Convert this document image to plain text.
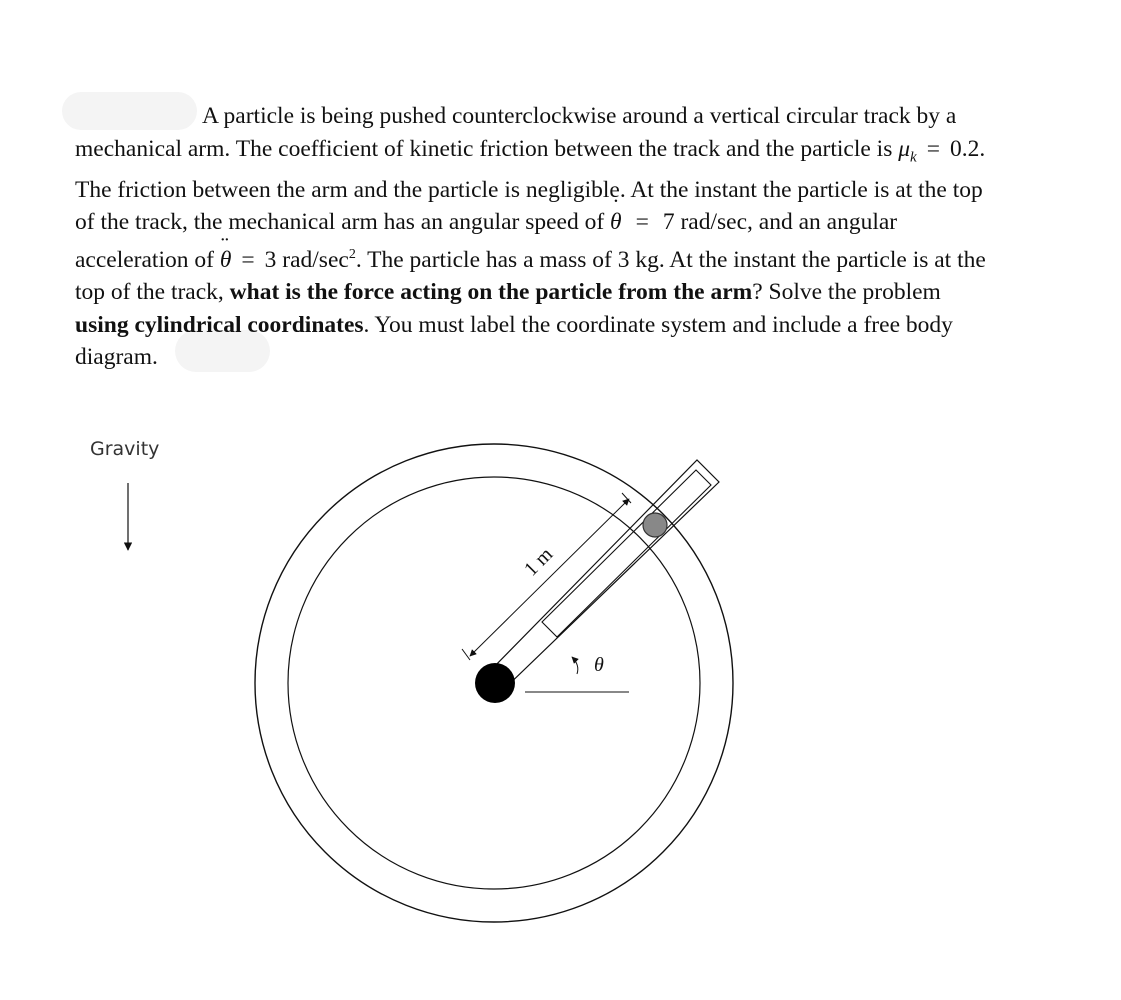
A particle is being pushed counterclockwise around a vertical circular track by a
mechanical arm. The coefficient of kinetic friction between the track and the particle is $\mu_k = 0.2$.
The friction between the arm and the particle is negligible. At the instant the particle is at the top
of the track, the mechanical arm has an angular speed of ˙ θ = 7 rad/sec, and an angular
acceleration of ¨ θ = 3 rad/$\sec^2$. The particle has a mass of 3 kg. At the instant the particle is at the
top of the track, what is the force acting on the particle from the arm? Solve the problem
using cylindrical coordinates. You must label the coordinate system and include a free body
diagram.
Gravity
1 m
θ
